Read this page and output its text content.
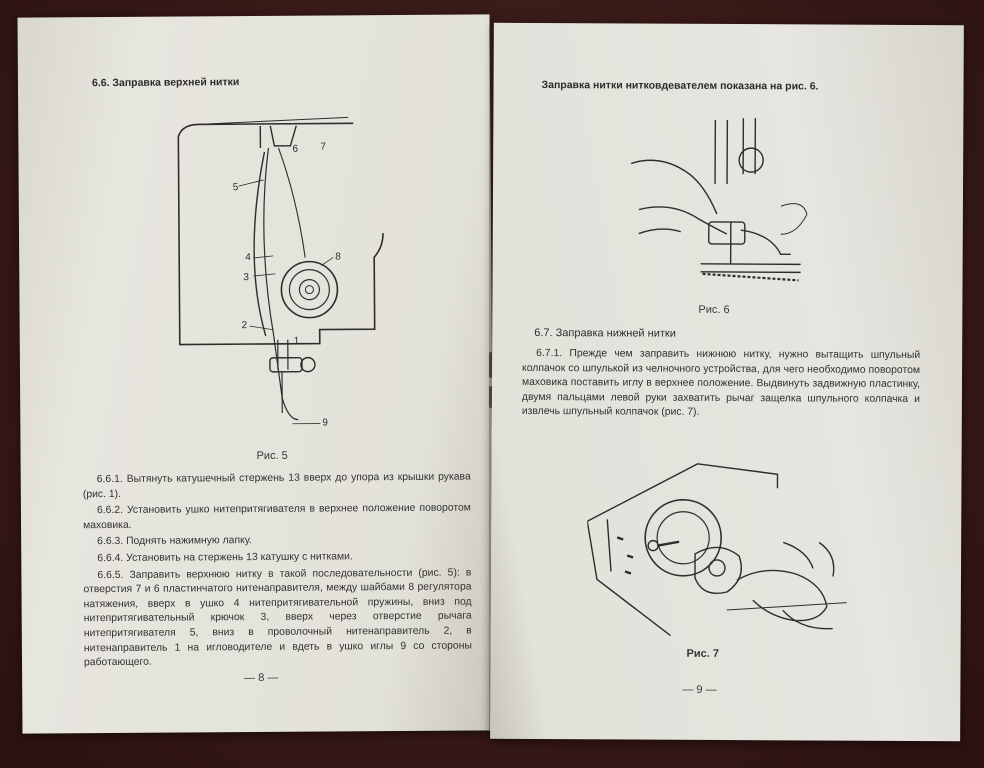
6.6. Заправка верхней нитки
6 7
5
4	8
3
2
1
9
Рис. 5

6.6.1. Вытянуть катушечный стержень 13 вверх до упора из крышки рукава (рис. 1).

6.6.2. Установить ушко нитепритягивателя в верхнее положение поворотом маховика.

6.6.3. Поднять нажимную лапку.

6.6.4. Установить на стержень 13 катушку с нитками.

6.6.5. Заправить верхнюю нитку в такой последовательности (рис. 5): в отверстия 7 и 6 пластинчатого нитенаправителя, между шайбами 8 регулятора натяжения, вверх в ушко 4 нитепритягивательной пружины, вниз под нитепритягивательный крючок 3, вверх через отверстие рычага нитепритягивателя 5, вниз в проволочный нитенаправитель 2, в нитенаправитель 1 на игловодителе и вдеть в ушко иглы 9 со стороны работающего.

— 8 —
Заправка нитки нитковдевателем показана на рис. 6.
Рис. 6
6.7. Заправка нижней нитки

6.7.1. Прежде чем заправить нижнюю нитку, нужно вытащить шпульный колпачок со шпулькой из челночного устройства, для чего необходимо поворотом маховика поставить иглу в верхнее положение. Выдвинуть задвижную пластинку, двумя пальцами левой руки захватить рычаг защелка шпульного колпачка и извлечь шпульный колпачок (рис. 7).

Рис. 7
— 9 —
